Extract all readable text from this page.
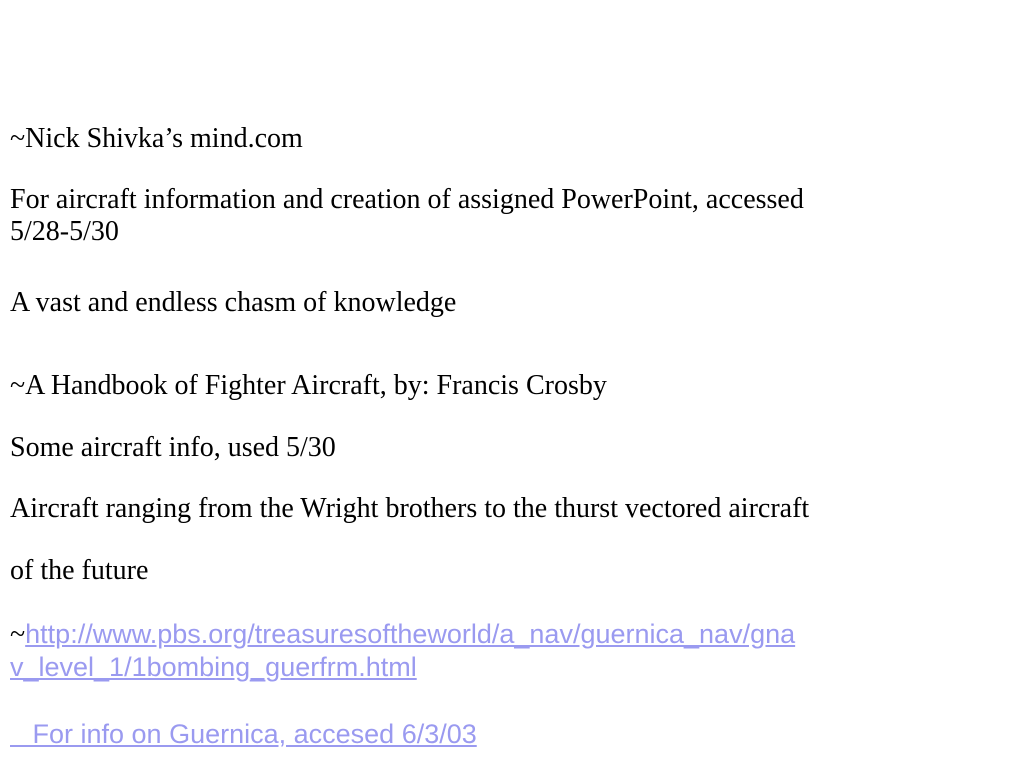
~Nick Shivka’s mind.com

For aircraft information and creation of assigned PowerPoint, accessed
5/28-5/30

A vast and endless chasm of knowledge

~A Handbook of Fighter Aircraft, by: Francis Crosby

Some aircraft info, used 5/30

Aircraft ranging from the Wright brothers to the thurst vectored aircraft

of the future

~http://www.pbs.org/treasuresoftheworld/a_nav/guernica_nav/gna
v_level_1/1bombing_guerfrm.html

For info on Guernica, accesed 6/3/03
